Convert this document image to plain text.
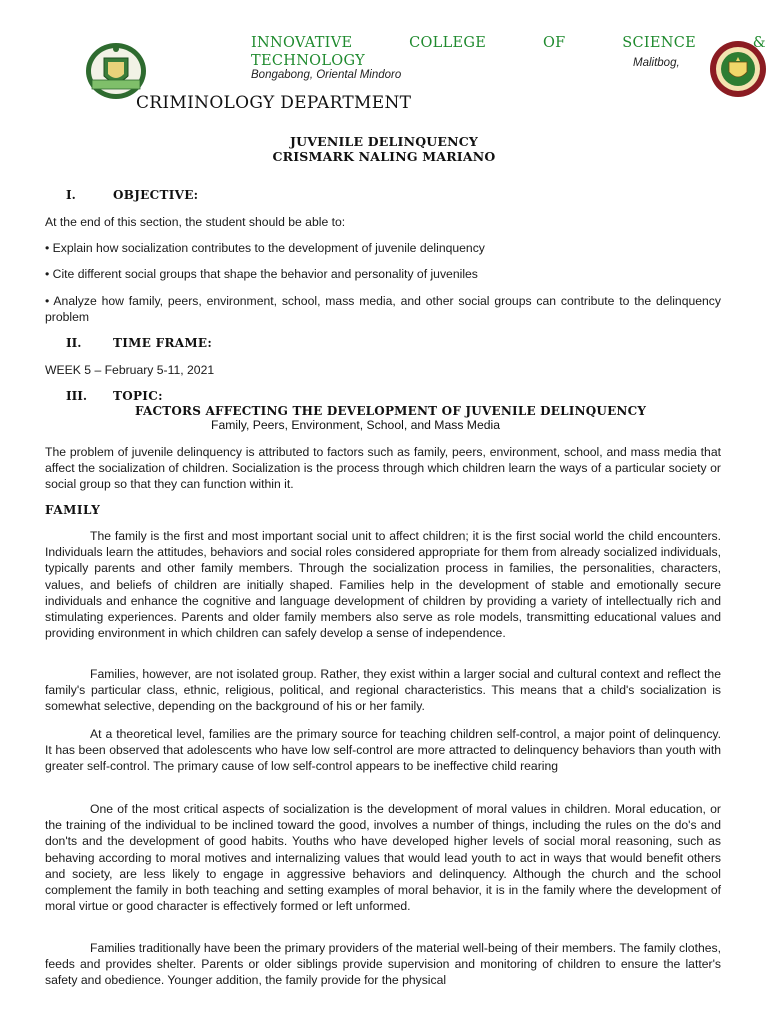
INNOVATIVE COLLEGE OF SCIENCE &
TECHNOLOGY	Malitbog,
Bongabong, Oriental Mindoro
CRIMINOLOGY DEPARTMENT
JUVENILE DELINQUENCY
CRISMARK NALING MARIANO
I.	OBJECTIVE:
At the end of this section, the student should be able to:
• Explain how socialization contributes to the development of juvenile delinquency
• Cite different social groups that shape the behavior and personality of juveniles
• Analyze how family, peers, environment, school, mass media, and other social groups can contribute to the delinquency problem
II.	TIME FRAME:
WEEK 5 – February 5-11, 2021
III. TOPIC:
FACTORS AFFECTING THE DEVELOPMENT OF JUVENILE DELINQUENCY
Family, Peers, Environment, School, and Mass Media
The problem of juvenile delinquency is attributed to factors such as family, peers, environment, school, and mass media that affect the socialization of children. Socialization is the process through which children learn the ways of a particular society or social group so that they can function within it.
FAMILY
The family is the first and most important social unit to affect children; it is the first social world the child encounters. Individuals learn the attitudes, behaviors and social roles considered appropriate for them from already socialized individuals, typically parents and other family members. Through the socialization process in families, the personalities, characters, values, and beliefs of children are initially shaped. Families help in the development of stable and emotionally secure individuals and enhance the cognitive and language development of children by providing a variety of intellectually rich and stimulating experiences. Parents and older family members also serve as role models, transmitting educational values and providing environment in which children can safely develop a sense of independence.
Families, however, are not isolated group. Rather, they exist within a larger social and cultural context and reflect the family's particular class, ethnic, religious, political, and regional characteristics. This means that a child's socialization is somewhat selective, depending on the background of his or her family.
At a theoretical level, families are the primary source for teaching children self-control, a major point of delinquency. It has been observed that adolescents who have low self-control are more attracted to delinquency behaviors than youth with greater self-control. The primary cause of low self-control appears to be ineffective child rearing
One of the most critical aspects of socialization is the development of moral values in children. Moral education, or the training of the individual to be inclined toward the good, involves a number of things, including the rules on the do's and don'ts and the development of good habits. Youths who have developed higher levels of social moral reasoning, such as behaving according to moral motives and internalizing values that would lead youth to act in ways that would benefit others and society, are less likely to engage in aggressive behaviors and delinquency. Although the church and the school complement the family in both teaching and setting examples of moral behavior, it is in the family where the development of moral virtue or good character is effectively formed or left unformed.
Families traditionally have been the primary providers of the material well-being of their members. The family clothes, feeds and provides shelter. Parents or older siblings provide supervision and monitoring of children to ensure the latter's safety and obedience. Younger addition, the family provide for the physical
